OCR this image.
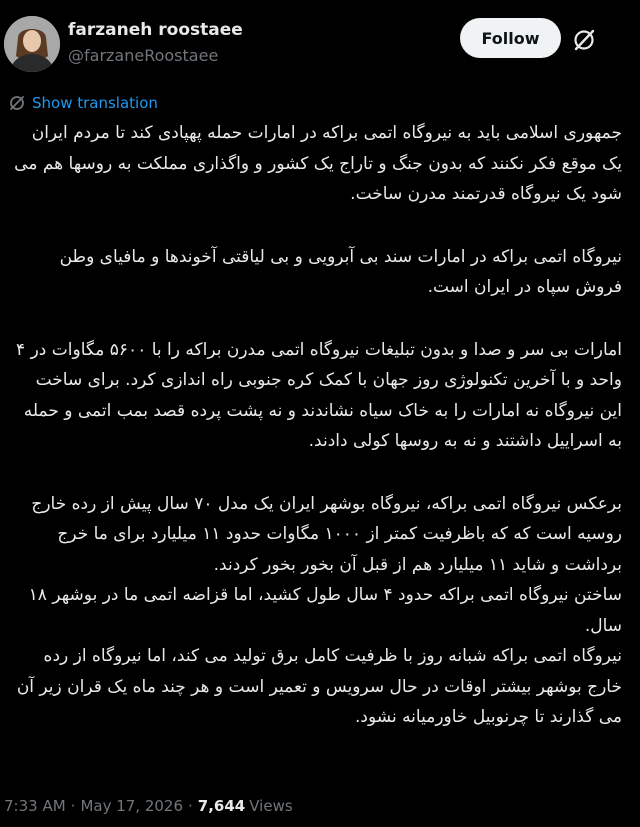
farzaneh roostaee
@farzaneRoostaee
Follow
Show translation

جمهوری اسلامی باید به نیروگاه اتمی براکه در امارات حمله پهپادی کند تا مردم ایران یک موقع فکر نکنند که بدون جنگ و تاراج یک کشور و واگذاری مملکت به روسها هم می شود یک نیروگاه قدرتمند مدرن ساخت.

نیروگاه اتمی براکه در امارات سند بی آبرویی و بی لیاقتی آخوندها و مافیای وطن فروش سپاه در ایران است.

امارات بی سر و صدا و بدون تبلیغات نیروگاه اتمی مدرن براکه را با ۵۶۰۰ مگاوات در ۴ واحد و با آخرین تکنولوژی روز جهان با کمک کره جنوبی راه اندازی کرد. برای ساخت این نیروگاه نه امارات را به خاک سیاه نشاندند و نه پشت پرده قصد بمب اتمی و حمله به اسراییل داشتند و نه به روسها کولی دادند.

برعکس نیروگاه اتمی براکه، نیروگاه بوشهر ایران یک مدل ۷۰ سال پیش از رده خارج روسیه است که که باظرفیت کمتر از ۱۰۰۰ مگاوات حدود ۱۱ میلیارد برای ما خرج برداشت و شاید ۱۱ میلیارد هم از قبل آن بخور بخور کردند.

ساختن نیروگاه اتمی براکه حدود ۴ سال طول کشید، اما قزاضه اتمی ما در بوشهر ۱۸ سال.

نیروگاه اتمی براکه شبانه روز با ظرفیت کامل برق تولید می کند، اما نیروگاه از رده خارج بوشهر بیشتر اوقات در حال سرویس و تعمیر است و هر چند ماه یک قران زیر آن می گذارند تا چرنوبیل خاورمیانه نشود.

7:33 AM · May 17, 2026 · 7,644 Views
